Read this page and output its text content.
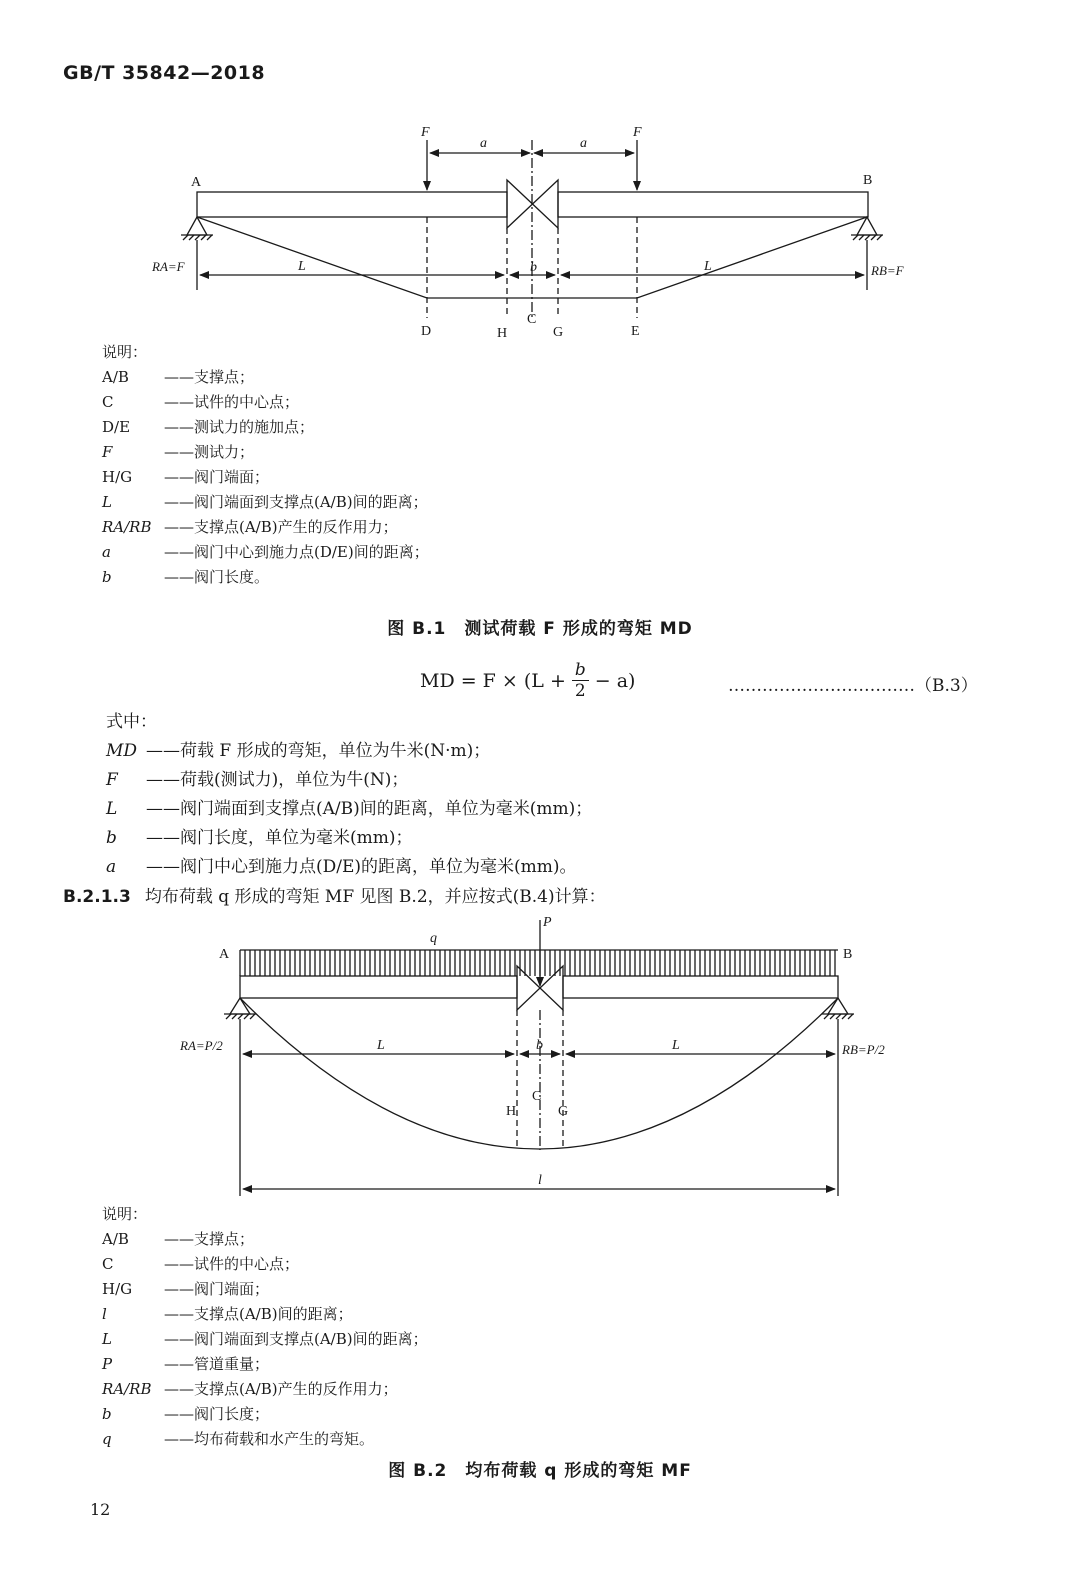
GB/T 35842—2018
A	B
F	F
a	a
RA=F	RB=F
L	L
b
D	H
C
G	E
说明：
A/B	——支撑点；
C	——试件的中心点；
D/E	——测试力的施加点；
F	——测试力；
H/G	——阀门端面；
L	——阀门端面到支撑点(A/B)间的距离；
RA/RB ——支撑点(A/B)产生的反作用力；
a	——阀门中心到施力点(D/E)间的距离；
b	——阀门长度。
图 B.1　测试荷载 F 形成的弯矩 MD
MD = $F \times (L + \frac{b}{2} - a)$	……………………………（B.3）
式中：
MD ——荷载 F 形成的弯矩，单位为牛米(N·m)；
F	——荷载(测试力)，单位为牛(N)；
L	——阀门端面到支撑点(A/B)间的距离，单位为毫米(mm)；
b	——阀门长度，单位为毫米(mm)；
a	——阀门中心到施力点(D/E)的距离，单位为毫米(mm)。
B.2.1.3 均布荷载 q 形成的弯矩 MF 见图 B.2，并应按式(B.4)计算：
A	B
q
P
RA=P/2	RB=P/2
L	L
b
C
H	G
l
说明：
A/B	——支撑点；
C	——试件的中心点；
H/G	——阀门端面；
l	——支撑点(A/B)间的距离；
L	——阀门端面到支撑点(A/B)间的距离；
P	——管道重量；
RA/RB ——支撑点(A/B)产生的反作用力；
b	——阀门长度；
q	——均布荷载和水产生的弯矩。
图 B.2　均布荷载 q 形成的弯矩 MF
12
